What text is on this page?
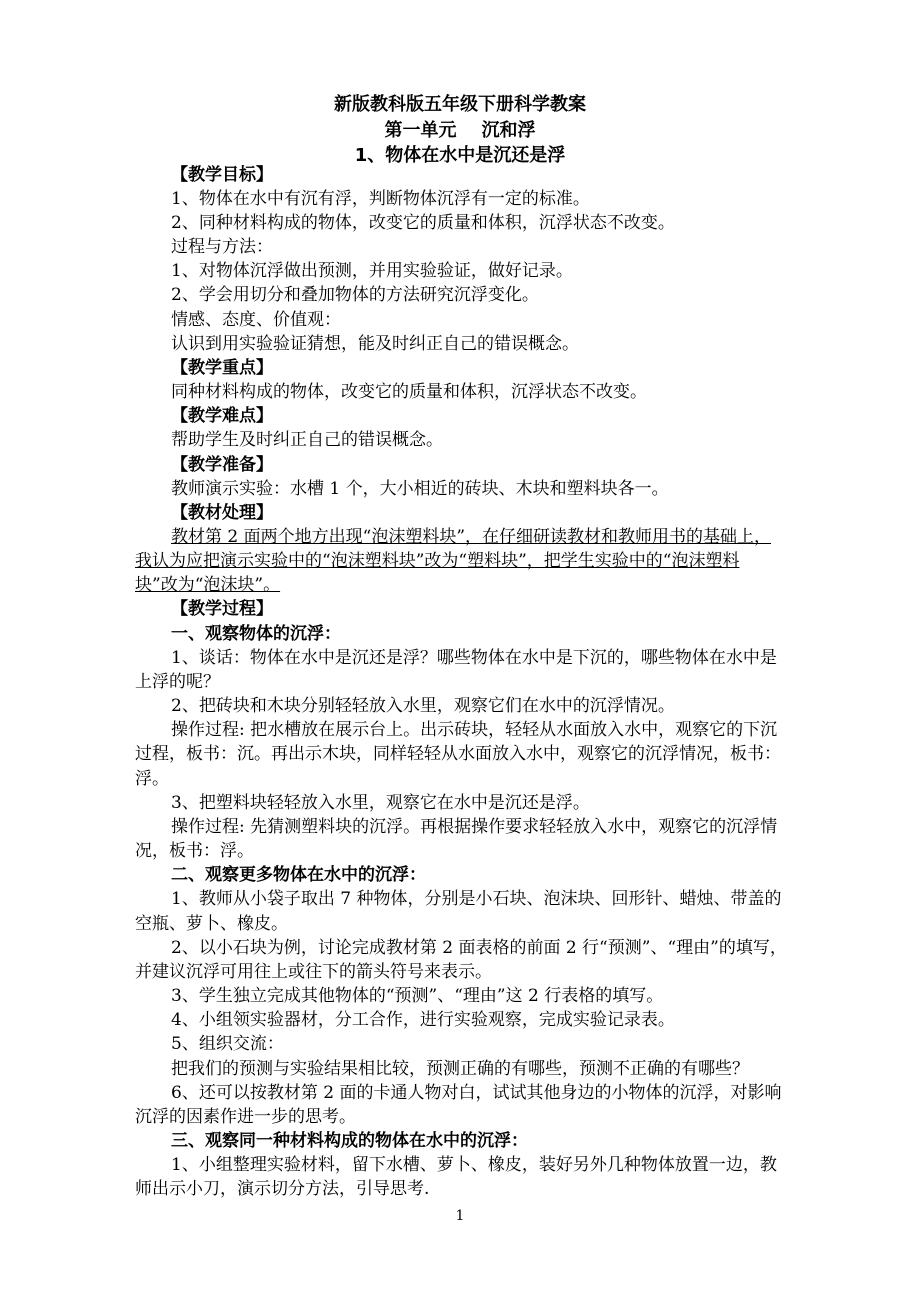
新版教科版五年级下册科学教案
第一单元    沉和浮
1、物体在水中是沉还是浮
【教学目标】
1、物体在水中有沉有浮，判断物体沉浮有一定的标准。
2、同种材料构成的物体，改变它的质量和体积，沉浮状态不改变。
过程与方法：
1、对物体沉浮做出预测，并用实验验证，做好记录。
2、学会用切分和叠加物体的方法研究沉浮变化。
情感、态度、价值观：
认识到用实验验证猜想，能及时纠正自己的错误概念。
【教学重点】
同种材料构成的物体，改变它的质量和体积，沉浮状态不改变。
【教学难点】
帮助学生及时纠正自己的错误概念。
【教学准备】
教师演示实验：水槽 1 个，大小相近的砖块、木块和塑料块各一。
【教材处理】
教材第 2 面两个地方出现“泡沫塑料块”，在仔细研读教材和教师用书的基础上，
我认为应把演示实验中的“泡沫塑料块”改为“塑料块”，把学生实验中的“泡沫塑料
块”改为“泡沫块”。
【教学过程】
一、观察物体的沉浮：
1、谈话：物体在水中是沉还是浮？哪些物体在水中是下沉的，哪些物体在水中是
上浮的呢？
2、把砖块和木块分别轻轻放入水里，观察它们在水中的沉浮情况。
操作过程: 把水槽放在展示台上。出示砖块，轻轻从水面放入水中，观察它的下沉
过程，板书：沉。再出示木块，同样轻轻从水面放入水中，观察它的沉浮情况，板书：
浮。
3、把塑料块轻轻放入水里，观察它在水中是沉还是浮。
操作过程: 先猜测塑料块的沉浮。再根据操作要求轻轻放入水中，观察它的沉浮情
况，板书：浮。
二、观察更多物体在水中的沉浮：
1、教师从小袋子取出 7 种物体，分别是小石块、泡沫块、回形针、蜡烛、带盖的
空瓶、萝卜、橡皮。
2、以小石块为例，讨论完成教材第 2 面表格的前面 2 行“预测”、“理由”的填写，
并建议沉浮可用往上或往下的箭头符号来表示。
3、学生独立完成其他物体的“预测”、“理由”这 2 行表格的填写。
4、小组领实验器材，分工合作，进行实验观察，完成实验记录表。
5、组织交流：
把我们的预测与实验结果相比较，预测正确的有哪些，预测不正确的有哪些？
6、还可以按教材第 2 面的卡通人物对白，试试其他身边的小物体的沉浮，对影响
沉浮的因素作进一步的思考。
三、观察同一种材料构成的物体在水中的沉浮：
1、小组整理实验材料，留下水槽、萝卜、橡皮，装好另外几种物体放置一边，教
师出示小刀，演示切分方法，引导思考.
1
